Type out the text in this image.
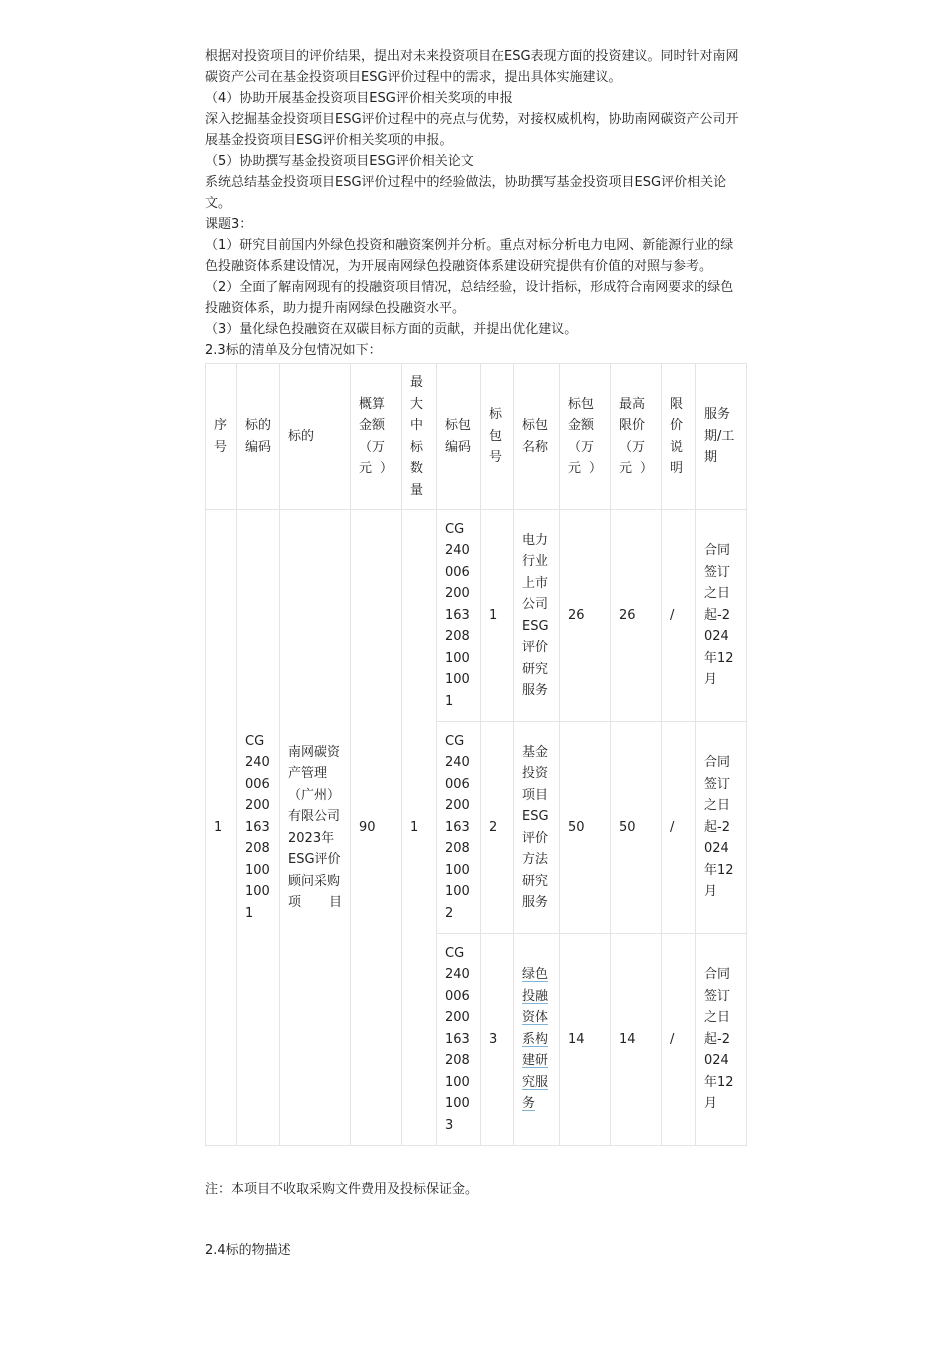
根据对投资项目的评价结果，提出对未来投资项目在ESG表现方面的投资建议。同时针对南网碳资产公司在基金投资项目ESG评价过程中的需求，提出具体实施建议。

（4）协助开展基金投资项目ESG评价相关奖项的申报

深入挖掘基金投资项目ESG评价过程中的亮点与优势，对接权威机构，协助南网碳资产公司开展基金投资项目ESG评价相关奖项的申报。

（5）协助撰写基金投资项目ESG评价相关论文

系统总结基金投资项目ESG评价过程中的经验做法，协助撰写基金投资项目ESG评价相关论文。

课题3：

（1）研究目前国内外绿色投资和融资案例并分析。重点对标分析电力电网、新能源行业的绿色投融资体系建设情况，为开展南网绿色投融资体系建设研究提供有价值的对照与参考。

（2）全面了解南网现有的投融资项目情况，总结经验，设计指标，形成符合南网要求的绿色投融资体系，助力提升南网绿色投融资水平。

（3）量化绿色投融资在双碳目标方面的贡献，并提出优化建议。

2.3标的清单及分包情况如下：

序号	标的编码	标的	概算金额（万元）	最大中标数量	标包编码	标包号	标包名称	标包金额（万元）	最高限价（万元）	限价说明	服务期/工期
1	CG24000620016320810010​01	南网碳资产管理（广州）有限公司2023年ESG评价顾问采购项目	90	1	CG2400062001632081001001	1	电力行业上市公司ESG评价研究服务	26	26	/	合同签订之日起-2024年12月
					CG2400062001632081001002	2	基金投资项目ESG评价方法研究服务	50	50	/	合同签订之日起-2024年12月
					CG2400062001632081001003	3	绿色投融资体系构建研究服务	14	14	/	合同签订之日起-2024年12月

注：本项目不收取采购文件费用及投标保证金。

2.4标的物描述
